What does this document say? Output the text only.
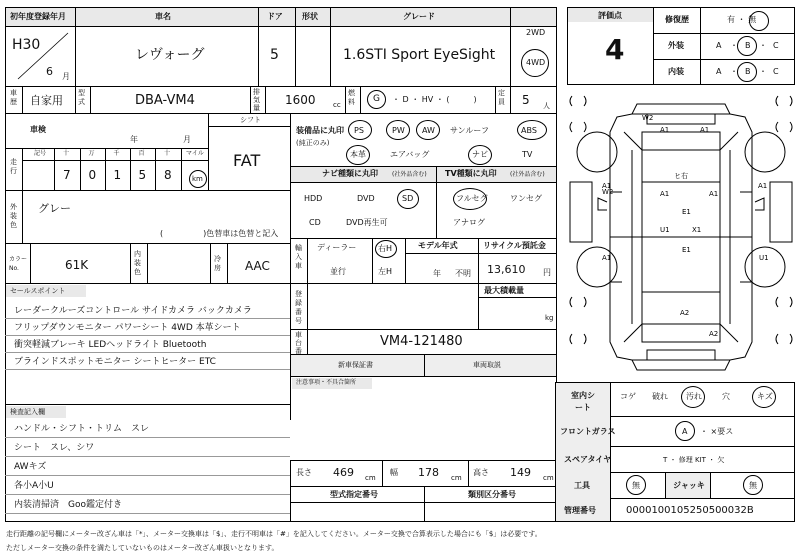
初年度登録年月	車名	ドア 形状	グレード
H30
6 月
レヴォーグ	5	1.6STI Sport EyeSight
2WD
4WD
車歴 自家用
型式	DBA-VM4
排気量
1600 cc
燃料 G ・ D ・ HV ・ (　　　)
定員 5 人
車検
年	月
シフト
FAT
走行
記号	十	万	千	百	十	マイル
7 0 1 5 8	km
外装色
グレー
(　　　　　)色替車は色替と記入
カラーNo.	61K
内装色
冷房 AAC
装備品に丸印
(純正のみ)
PS	PW AW サンルーフ	ABS
本革	エアバッグ	ナビ	TV
ナビ種類に丸印 (社外品含む) TV種類に丸印 (社外品含む)
HDD	DVD	SD
CD	DVD再生可
フルセグ	ワンセグ
アナログ
輸入車
ディーラー
並行
右H
左H
モデル年式
年 不明
リサイクル預託金
13,610 円
セールスポイント
レーダークルーズコントロール サイドカメラ バックカメラ
フリップダウンモニター パワーシート 4WD 本革シート
衝突軽減ブレーキ LEDヘッドライト Bluetooth
ブラインドスポットモニター シートヒーター ETC
登録番号
最大積載量
kg
車台番
VM4-121480
新車保証書	車両取説
注意事項・不具合箇所
検査記入欄
ハンドル・シフト・トリム　スレ
シート　スレ、シワ
AWキズ
各小A小U
内装清掃済　Goo鑑定付き
長さ 469 cm
幅 178 cm
高さ 149 cm
型式指定番号	類別区分番号
評価点
4
修復歴	有 ・ 無
外装
内装
A ・ B ・ C
A ・ B ・ C
W2
A1	A1
A1
W2	A1	A1
U1	X1
A1
A2
E1
E1
U1
A1
A2
ヒ右
室内シート
コゲ 破れ 汚れ	穴	キズ
フロントガラス	A ・ ×要ス
スペアタイヤ	T ・ 修理 KIT ・ 欠
工具	無	ジャッキ	無
管理番号	0000100105250500032B
走行距離の記号欄にメーター改ざん車は「*」、メーター交換車は「$」、走行不明車は「#」を記入してください。メーター交換で合算表示した場合にも「$」は必要です。
ただしメーター交換の条件を満たしていないものはメーター改ざん車扱いとなります。
